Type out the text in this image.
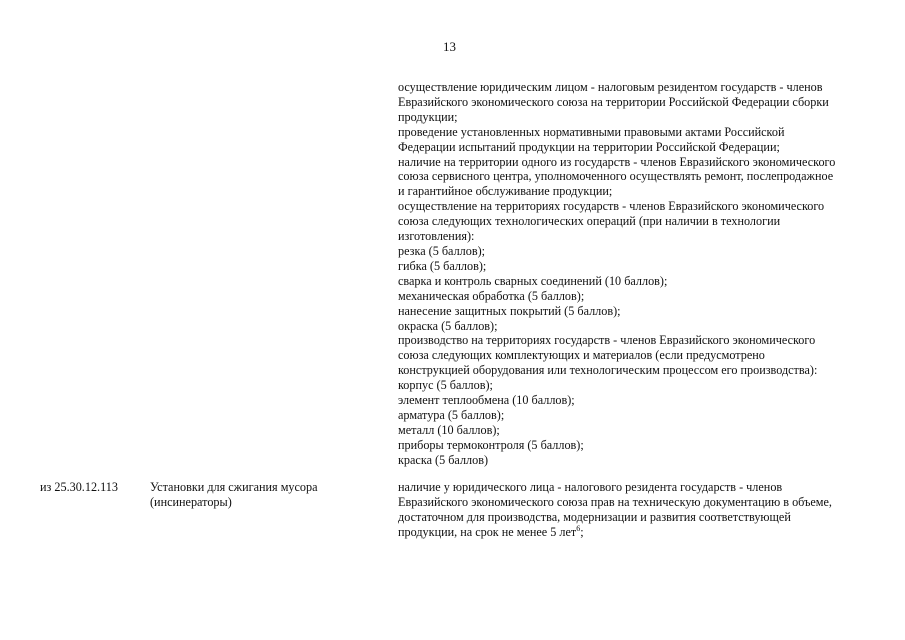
13
осуществление юридическим лицом - налоговым резидентом государств - членов
Евразийского экономического союза на территории Российской Федерации сборки
продукции;
проведение установленных нормативными правовыми актами Российской
Федерации испытаний продукции на территории Российской Федерации;
наличие на территории одного из государств - членов Евразийского экономического
союза сервисного центра, уполномоченного осуществлять ремонт, послепродажное
и гарантийное обслуживание продукции;
осуществление на территориях государств - членов Евразийского экономического
союза следующих технологических операций (при наличии в технологии
изготовления):
резка (5 баллов);
гибка (5 баллов);
сварка и контроль сварных соединений (10 баллов);
механическая обработка (5 баллов);
нанесение защитных покрытий (5 баллов);
окраска (5 баллов);
производство на территориях государств - членов Евразийского экономического
союза следующих комплектующих и материалов (если предусмотрено
конструкцией оборудования или технологическим процессом его производства):
корпус (5 баллов);
элемент теплообмена (10 баллов);
арматура (5 баллов);
металл (10 баллов);
приборы термоконтроля (5 баллов);
краска (5 баллов)
из 25.30.12.113	Установки для сжигания мусора
(инсинераторы)
наличие у юридического лица - налогового резидента государств - членов
Евразийского экономического союза прав на техническую документацию в объеме,
достаточном для производства, модернизации и развития соответствующей
продукции, на срок не менее 5 лет$^6$;
